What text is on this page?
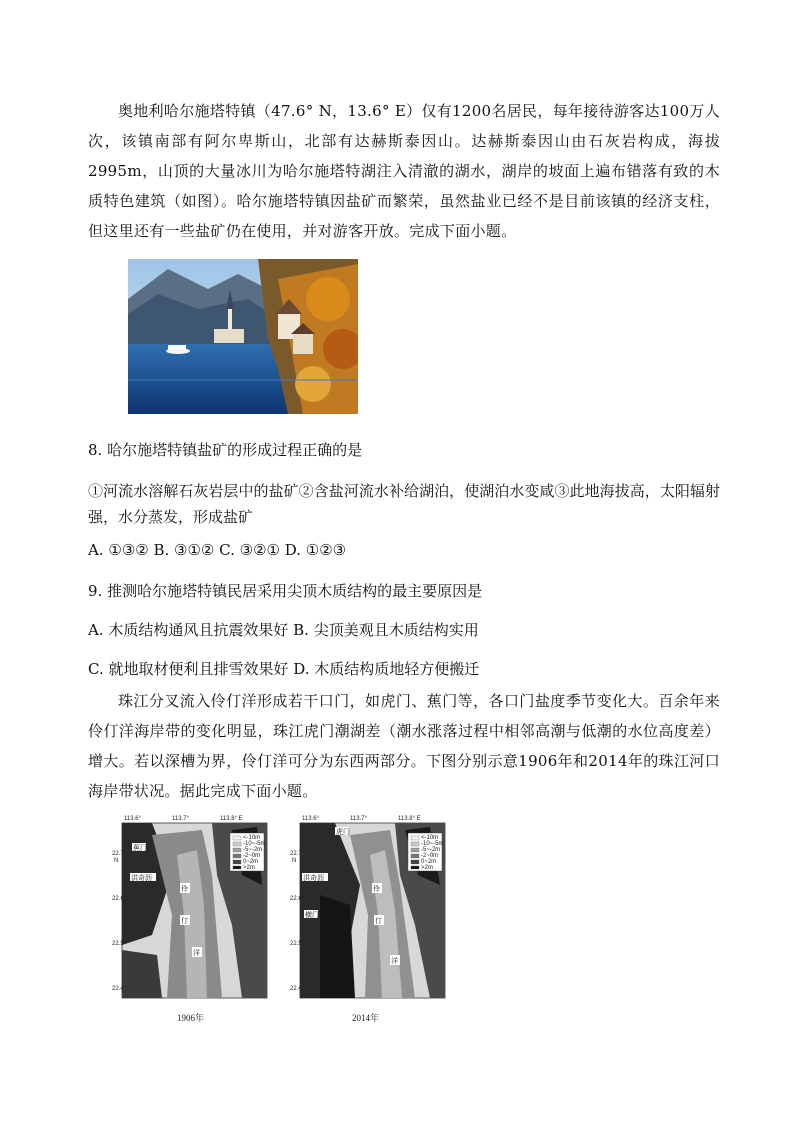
奥地利哈尔施塔特镇（47.6° N，13.6° E）仅有1200名居民，每年接待游客达100万人次，该镇南部有阿尔卑斯山，北部有达赫斯泰因山。达赫斯泰因山由石灰岩构成，海拔2995m，山顶的大量冰川为哈尔施塔特湖注入清澈的湖水，湖岸的坡面上遍布错落有致的木质特色建筑（如图）。哈尔施塔特镇因盐矿而繁荣，虽然盐业已经不是目前该镇的经济支柱，但这里还有一些盐矿仍在使用，并对游客开放。完成下面小题。

8. 哈尔施塔特镇盐矿的形成过程正确的是

①河流水溶解石灰岩层中的盐矿②含盐河流水补给湖泊，使湖泊水变咸③此地海拔高，太阳辐射强，水分蒸发，形成盐矿

A. ①③② B. ③①② C. ③②① D. ①②③

9. 推测哈尔施塔特镇民居采用尖顶木质结构的最主要原因是

A. 木质结构通风且抗震效果好 B. 尖顶美观且木质结构实用

C. 就地取材便利且排雪效果好 D. 木质结构质地轻方便搬迁

珠江分叉流入伶仃洋形成若干口门，如虎门、蕉门等，各口门盐度季节变化大。百余年来伶仃洋海岸带的变化明显，珠江虎门潮湖差（潮水涨落过程中相邻高潮与低潮的水位高度差）增大。若以深槽为界，伶仃洋可分为东西两部分。下图分别示意1906年和2014年的珠江河口海岸带状况。据此完成下面小题。

<-10m
-10~-5m
-5~-2m
-2~0m
0~2m
>2m
113.6°	113.7°	113.8° E
22.7°
N
22.6°
22.5°
22.4°
蕉门
洪奇沥
伶
仃
洋
1906年
<-10m
-10~-5m
-5~-2m
-2~0m
0~2m
>2m
113.6°	113.7°	113.8° E
22.7°
N
22.6°
22.5°
22.4°
虎门
洪奇沥
横门
伶
仃
洋
2014年
